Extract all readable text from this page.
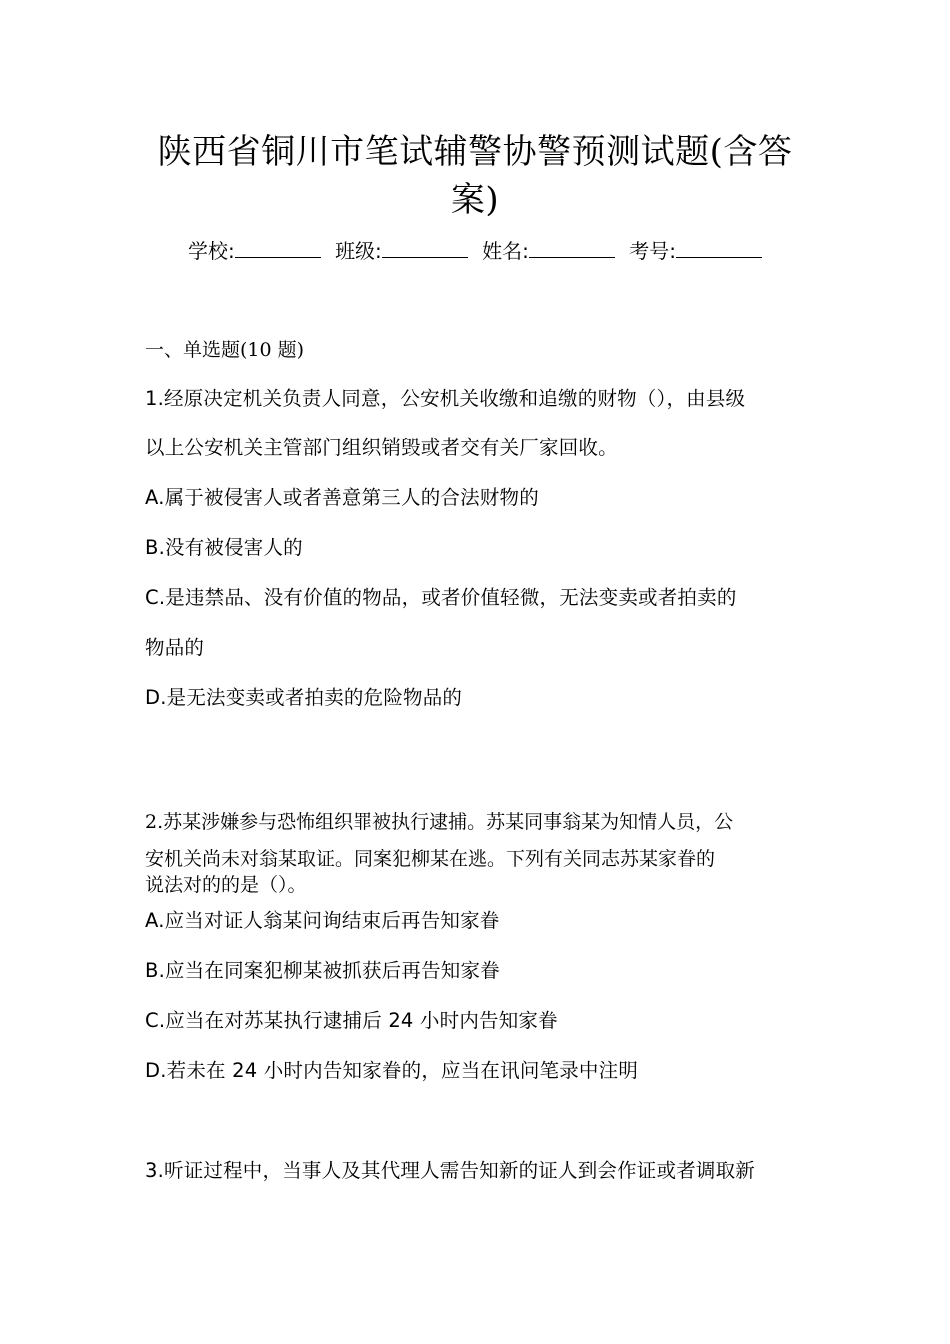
陕西省铜川市笔试辅警协警预测试题(含答
案)
学校:	班级:	姓名:	考号:
一、单选题(10 题)
1.经原决定机关负责人同意，公安机关收缴和追缴的财物（），由县级
以上公安机关主管部门组织销毁或者交有关厂家回收。
A.属于被侵害人或者善意第三人的合法财物的
B.没有被侵害人的
C.是违禁品、没有价值的物品，或者价值轻微，无法变卖或者拍卖的
物品的
D.是无法变卖或者拍卖的危险物品的
2.苏某涉嫌参与恐怖组织罪被执行逮捕。苏某同事翁某为知情人员，公
安机关尚未对翁某取证。同案犯柳某在逃。下列有关同志苏某家眷的
说法对的的是（）。
A.应当对证人翁某问询结束后再告知家眷
B.应当在同案犯柳某被抓获后再告知家眷
C.应当在对苏某执行逮捕后 24 小时内告知家眷
D.若未在 24 小时内告知家眷的，应当在讯问笔录中注明
3.听证过程中，当事人及其代理人需告知新的证人到会作证或者调取新
